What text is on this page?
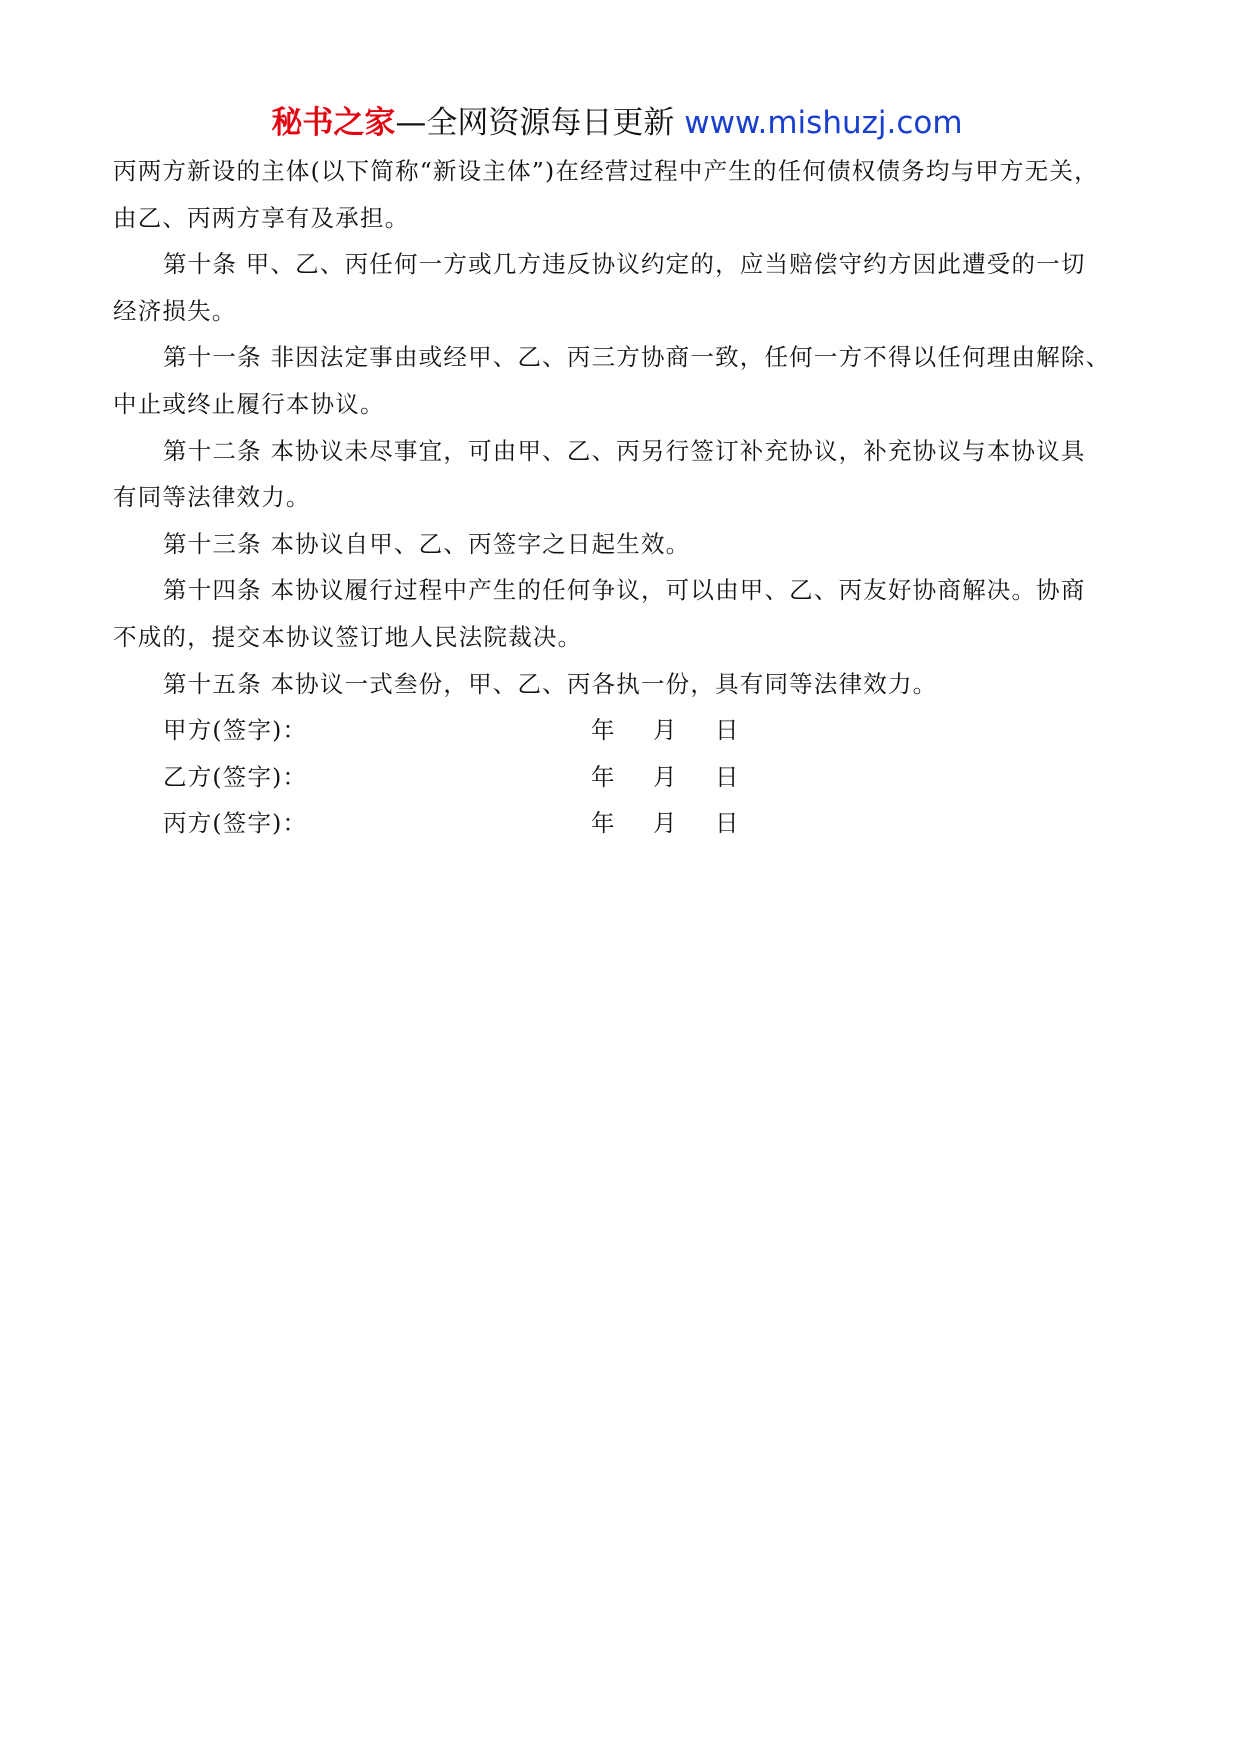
秘书之家—全网资源每日更新 www.mishuzj.com
丙两方新设的主体(以下简称“新设主体”)在经营过程中产生的任何债权债务均与甲方无关，
由乙、丙两方享有及承担。
第十条 甲、乙、丙任何一方或几方违反协议约定的，应当赔偿守约方因此遭受的一切
经济损失。
第十一条 非因法定事由或经甲、乙、丙三方协商一致，任何一方不得以任何理由解除、
中止或终止履行本协议。
第十二条 本协议未尽事宜，可由甲、乙、丙另行签订补充协议，补充协议与本协议具
有同等法律效力。
第十三条 本协议自甲、乙、丙签字之日起生效。
第十四条 本协议履行过程中产生的任何争议，可以由甲、乙、丙友好协商解决。协商
不成的，提交本协议签订地人民法院裁决。
第十五条 本协议一式叁份，甲、乙、丙各执一份，具有同等法律效力。
甲方(签字)：	年 月 日
乙方(签字)：	年 月 日
丙方(签字)：	年 月 日
